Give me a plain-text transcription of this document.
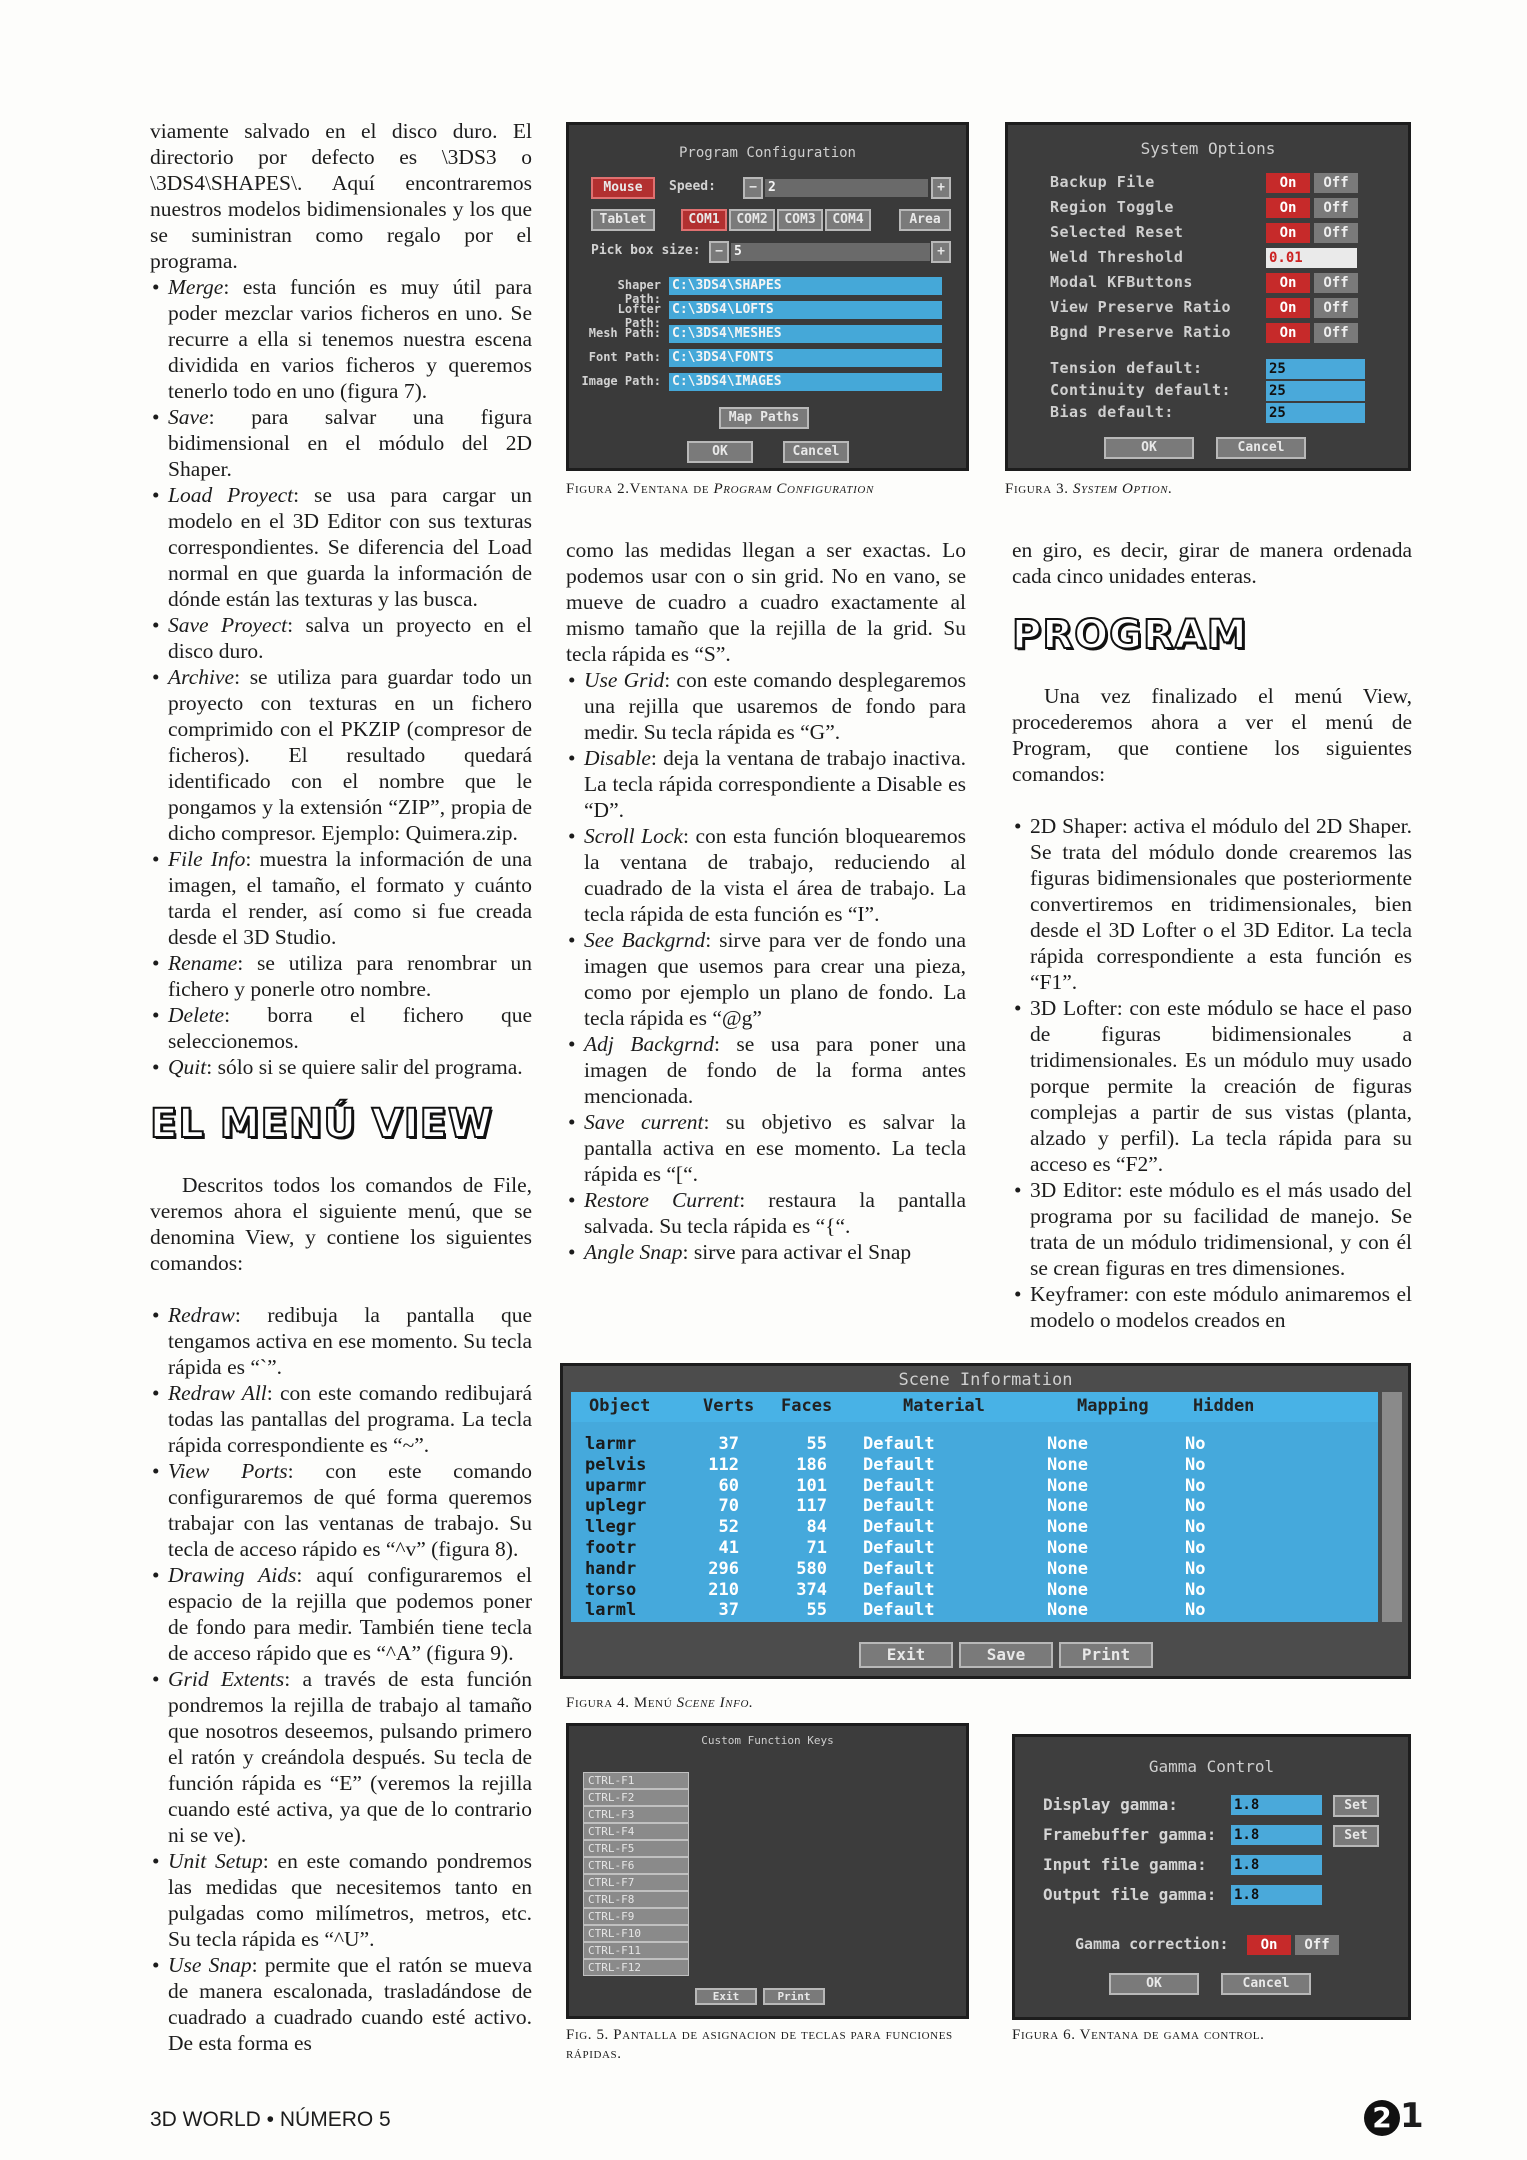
viamente salvado en el disco duro. El directorio por defecto es \3DS3 o \3DS4\SHAPES\. Aquí encontraremos nuestros modelos bidimensionales y los que se suministran como regalo por el programa.

• Merge: esta función es muy útil para poder mezclar varios ficheros en uno. Se recurre a ella si tenemos nuestra escena dividida en varios ficheros y queremos tenerlo todo en uno (figura 7).
• Save: para salvar una figura bidimensional en el módulo del 2D Shaper.
• Load Proyect: se usa para cargar un modelo en el 3D Editor con sus texturas correspondientes. Se diferencia del Load normal en que guarda la información de dónde están las texturas y las busca.
• Save Proyect: salva un proyecto en el disco duro.
• Archive: se utiliza para guardar todo un proyecto con texturas en un fichero comprimido con el PKZIP (compresor de ficheros). El resultado quedará identificado con el nombre que le pongamos y la extensión “ZIP”, propia de dicho compresor. Ejemplo: Quimera.zip.
• File Info: muestra la información de una imagen, el tamaño, el formato y cuánto tarda el render, así como si fue creada desde el 3D Studio.
• Rename: se utiliza para renombrar un fichero y ponerle otro nombre.
• Delete: borra el fichero que seleccionemos.
• Quit: sólo si se quiere salir del programa.
EL MENÚ VIEW

Descritos todos los comandos de File, veremos ahora el siguiente menú, que se denomina View, y contiene los siguientes comandos:

• Redraw: redibuja la pantalla que tengamos activa en ese momento. Su tecla rápida es “`”.
• Redraw All: con este comando redibujará todas las pantallas del programa. La tecla rápida correspondiente es “~”.
• View Ports: con este comando configuraremos de qué forma queremos trabajar con las ventanas de trabajo. Su tecla de acceso rápido es “^v” (figura 8).
• Drawing Aids: aquí configuraremos el espacio de la rejilla que podemos poner de fondo para medir. También tiene tecla de acceso rápido que es “^A” (figura 9).
• Grid Extents: a través de esta función pondremos la rejilla de trabajo al tamaño que nosotros deseemos, pulsando primero el ratón y creándola después. Su tecla de función rápida es “E” (veremos la rejilla cuando esté activa, ya que de lo contrario ni se ve).
• Unit Setup: en este comando pondremos las medidas que necesitemos tanto en pulgadas como milímetros, metros, etc. Su tecla rápida es “^U”.
• Use Snap: permite que el ratón se mueva de manera escalonada, trasladándose de cuadrado a cuadrado cuando esté activo. De esta forma es

como las medidas llegan a ser exactas. Lo podemos usar con o sin grid. No en vano, se mueve de cuadro a cuadro exactamente al mismo tamaño que la rejilla de la grid. Su tecla rápida es “S”.

• Use Grid: con este comando desplegaremos una rejilla que usaremos de fondo para medir. Su tecla rápida es “G”.
• Disable: deja la ventana de trabajo inactiva. La tecla rápida correspondiente a Disable es “D”.
• Scroll Lock: con esta función bloquearemos la ventana de trabajo, reduciendo al cuadrado de la vista el área de trabajo. La tecla rápida de esta función es “I”.
• See Backgrnd: sirve para ver de fondo una imagen que usemos para crear una pieza, como por ejemplo un plano de fondo. La tecla rápida es “@g”
• Adj Backgrnd: se usa para poner una imagen de fondo de la forma antes mencionada.
• Save current: su objetivo es salvar la pantalla activa en ese momento. La tecla rápida es “[“.
• Restore Current: restaura la pantalla salvada. Su tecla rápida es “{“.
• Angle Snap: sirve para activar el Snap

en giro, es decir, girar de manera ordenada cada cinco unidades enteras.

PROGRAM

Una vez finalizado el menú View, procederemos ahora a ver el menú de Program, que contiene los siguientes comandos:

• 2D Shaper: activa el módulo del 2D Shaper. Se trata del módulo donde crearemos las figuras bidimensionales que posteriormente convertiremos en tridimensionales, bien desde el 3D Lofter o el 3D Editor. La tecla rápida correspondiente a esta función es “F1”.
• 3D Lofter: con este módulo se hace el paso de figuras bidimensionales a tridimensionales. Es un módulo muy usado porque permite la creación de figuras complejas a partir de sus vistas (planta, alzado y perfil). La tecla rápida para su acceso es “F2”.
• 3D Editor: este módulo es el más usado del programa por su facilidad de manejo. Se trata de un módulo tridimensional, y con él se crean figuras en tres dimensiones.
• Keyframer: con este módulo animaremos el modelo o modelos creados en
Program Configuration
Mouse	Speed:	− 2	+
Tablet	COM1	COM2	COM3	COM4	Area
Pick box size:	− 5	+
Shaper Path:
C:\3DS4\SHAPES
Lofter Path:
C:\3DS4\LOFTS
Mesh Path: C:\3DS4\MESHES
Font Path: C:\3DS4\FONTS
Image Path: C:\3DS4\IMAGES
Map Paths
OK	Cancel
Figura 2.Ventana de Program Configuration
System Options
Backup File	On	Off
Region Toggle	On	Off
Selected Reset	On	Off
Weld Threshold	0.01
Modal KFButtons	On	Off
View Preserve Ratio	On	Off
Bgnd Preserve Ratio	On	Off
Tension default:	25
Continuity default:	25
Bias default:	25
OK	Cancel
Figura 3. System Option.
Scene Information
Object	Verts Faces	Material	Mapping	Hidden
larmr	37	55 Default	None	No
pelvis	112	186 Default	None	No
uparmr	60	101 Default	None	No
uplegr	70	117 Default	None	No
llegr	52	84 Default	None	No
footr	41	71 Default	None	No
handr	296	580 Default	None	No
torso	210	374 Default	None	No
larml	37	55 Default	None	No
Exit	Save	Print
Figura 4. Menú Scene Info.
Custom Function Keys
CTRL-F1
CTRL-F2
CTRL-F3
CTRL-F4
CTRL-F5
CTRL-F6
CTRL-F7
CTRL-F8
CTRL-F9
CTRL-F10
CTRL-F11
CTRL-F12
Exit	Print
Fig. 5. Pantalla de asignacion de teclas para funciones rápidas.
Gamma Control
Display gamma:	1.8	Set
Framebuffer gamma: 1.8	Set
Input file gamma: 1.8
Output file gamma: 1.8
Gamma correction:	On	Off
OK	Cancel
Figura 6. Ventana de gama control.
3D WORLD • NÚMERO 5	2 1
